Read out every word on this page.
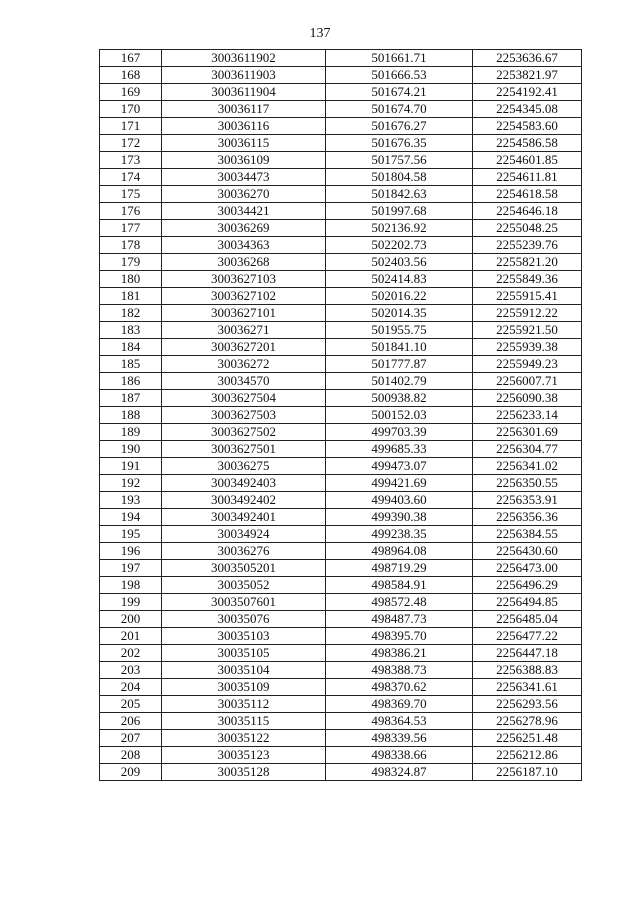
137
167	3003611902	501661.71	2253636.67
168	3003611903	501666.53	2253821.97
169	3003611904	501674.21	2254192.41
170	30036117	501674.70	2254345.08
171	30036116	501676.27	2254583.60
172	30036115	501676.35	2254586.58
173	30036109	501757.56	2254601.85
174	30034473	501804.58	2254611.81
175	30036270	501842.63	2254618.58
176	30034421	501997.68	2254646.18
177	30036269	502136.92	2255048.25
178	30034363	502202.73	2255239.76
179	30036268	502403.56	2255821.20
180	3003627103	502414.83	2255849.36
181	3003627102	502016.22	2255915.41
182	3003627101	502014.35	2255912.22
183	30036271	501955.75	2255921.50
184	3003627201	501841.10	2255939.38
185	30036272	501777.87	2255949.23
186	30034570	501402.79	2256007.71
187	3003627504	500938.82	2256090.38
188	3003627503	500152.03	2256233.14
189	3003627502	499703.39	2256301.69
190	3003627501	499685.33	2256304.77
191	30036275	499473.07	2256341.02
192	3003492403	499421.69	2256350.55
193	3003492402	499403.60	2256353.91
194	3003492401	499390.38	2256356.36
195	30034924	499238.35	2256384.55
196	30036276	498964.08	2256430.60
197	3003505201	498719.29	2256473.00
198	30035052	498584.91	2256496.29
199	3003507601	498572.48	2256494.85
200	30035076	498487.73	2256485.04
201	30035103	498395.70	2256477.22
202	30035105	498386.21	2256447.18
203	30035104	498388.73	2256388.83
204	30035109	498370.62	2256341.61
205	30035112	498369.70	2256293.56
206	30035115	498364.53	2256278.96
207	30035122	498339.56	2256251.48
208	30035123	498338.66	2256212.86
209	30035128	498324.87	2256187.10
